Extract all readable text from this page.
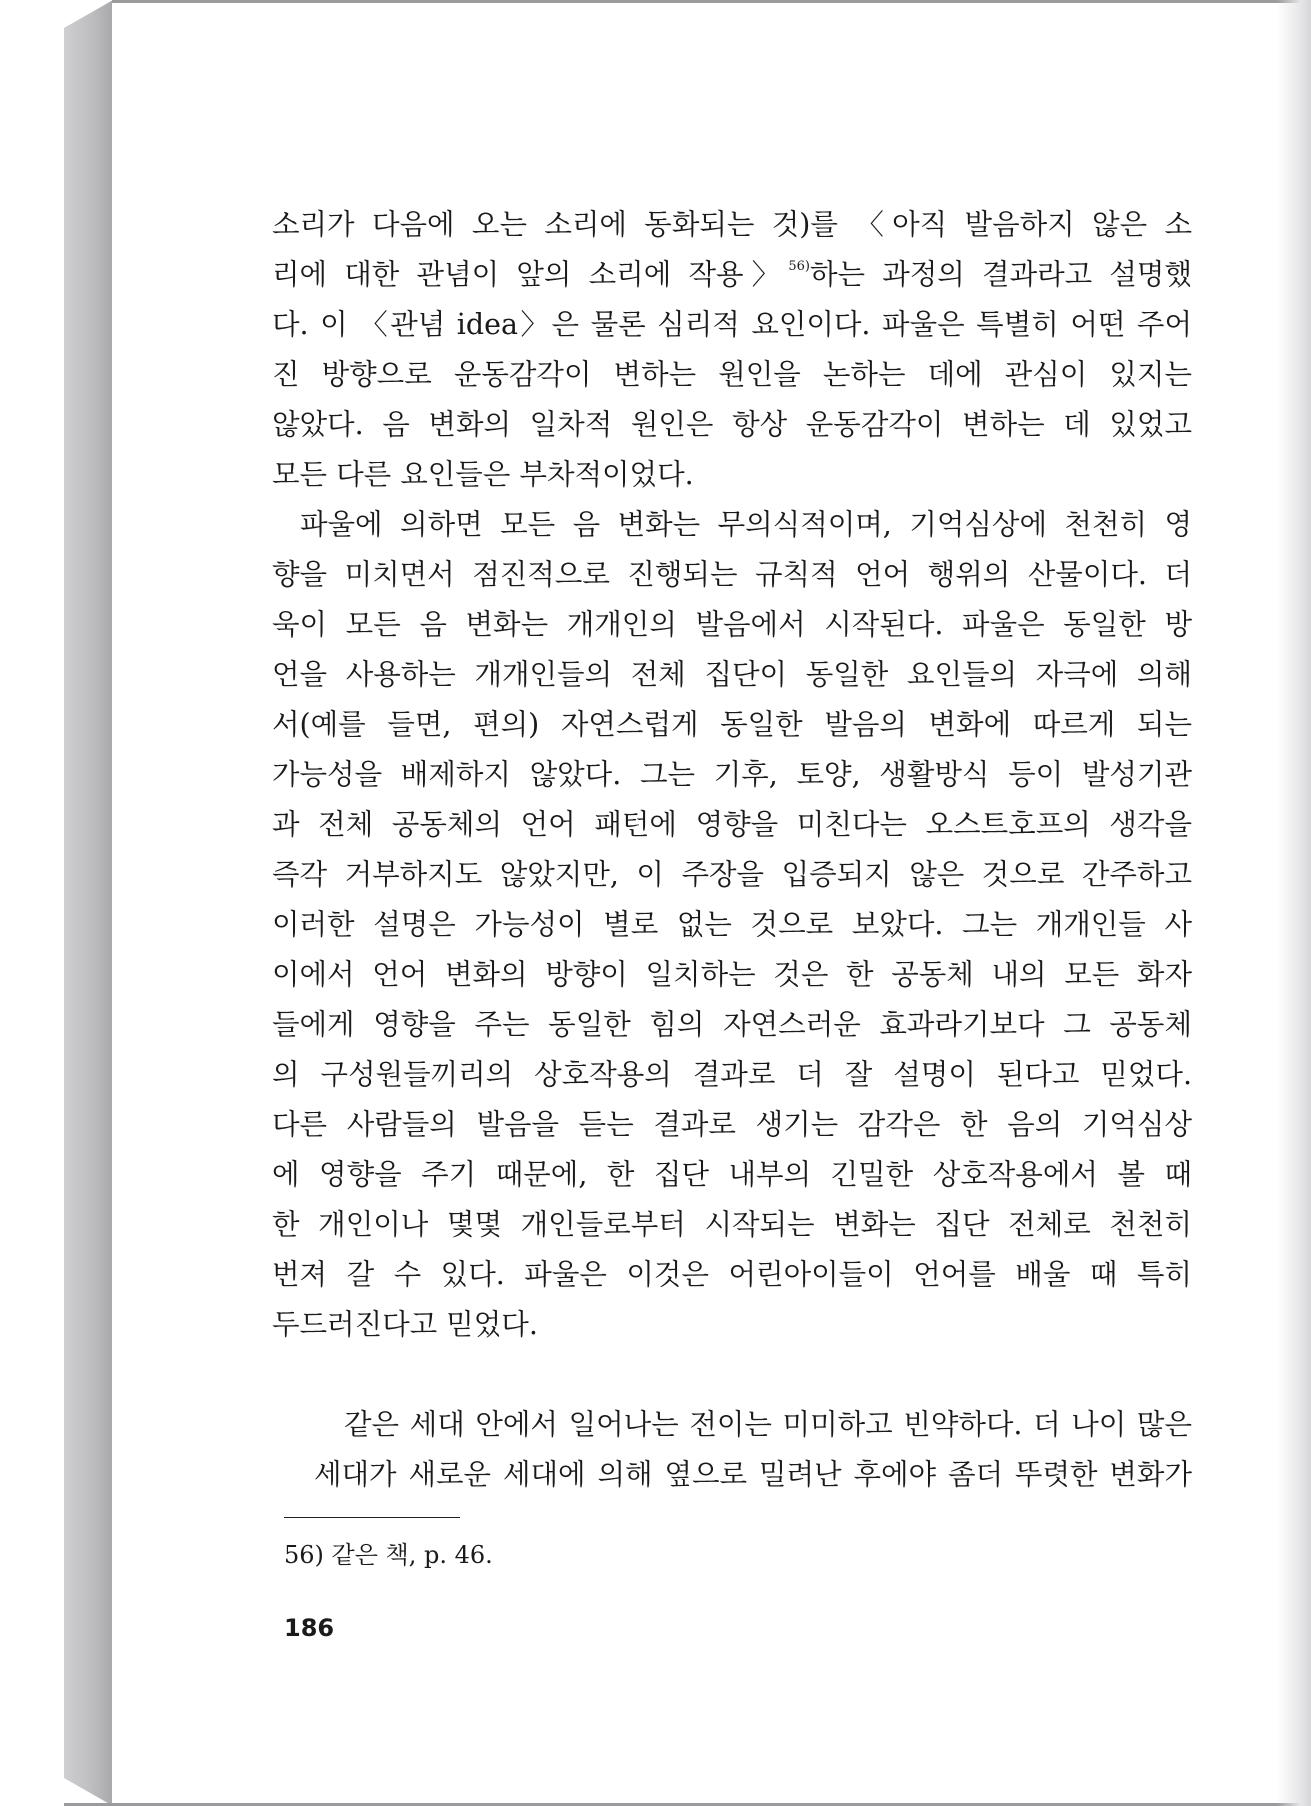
소리가 다음에 오는 소리에 동화되는 것)를 〈아직 발음하지 않은 소
리에 대한 관념이 앞의 소리에 작용〉$^{56)}$하는 과정의 결과라고 설명했
다. 이 〈관념 idea〉은 물론 심리적 요인이다. 파울은 특별히 어떤 주어
진 방향으로 운동감각이 변하는 원인을 논하는 데에 관심이 있지는
않았다. 음 변화의 일차적 원인은 항상 운동감각이 변하는 데 있었고
모든 다른 요인들은 부차적이었다.
파울에 의하면 모든 음 변화는 무의식적이며, 기억심상에 천천히 영
향을 미치면서 점진적으로 진행되는 규칙적 언어 행위의 산물이다. 더
욱이 모든 음 변화는 개개인의 발음에서 시작된다. 파울은 동일한 방
언을 사용하는 개개인들의 전체 집단이 동일한 요인들의 자극에 의해
서(예를 들면, 편의) 자연스럽게 동일한 발음의 변화에 따르게 되는
가능성을 배제하지 않았다. 그는 기후, 토양, 생활방식 등이 발성기관
과 전체 공동체의 언어 패턴에 영향을 미친다는 오스트호프의 생각을
즉각 거부하지도 않았지만, 이 주장을 입증되지 않은 것으로 간주하고
이러한 설명은 가능성이 별로 없는 것으로 보았다. 그는 개개인들 사
이에서 언어 변화의 방향이 일치하는 것은 한 공동체 내의 모든 화자
들에게 영향을 주는 동일한 힘의 자연스러운 효과라기보다 그 공동체
의 구성원들끼리의 상호작용의 결과로 더 잘 설명이 된다고 믿었다.
다른 사람들의 발음을 듣는 결과로 생기는 감각은 한 음의 기억심상
에 영향을 주기 때문에, 한 집단 내부의 긴밀한 상호작용에서 볼 때
한 개인이나 몇몇 개인들로부터 시작되는 변화는 집단 전체로 천천히
번져 갈 수 있다. 파울은 이것은 어린아이들이 언어를 배울 때 특히
두드러진다고 믿었다.
같은 세대 안에서 일어나는 전이는 미미하고 빈약하다. 더 나이 많은
세대가 새로운 세대에 의해 옆으로 밀려난 후에야 좀더 뚜렷한 변화가
56) 같은 책, p. 46.
186
